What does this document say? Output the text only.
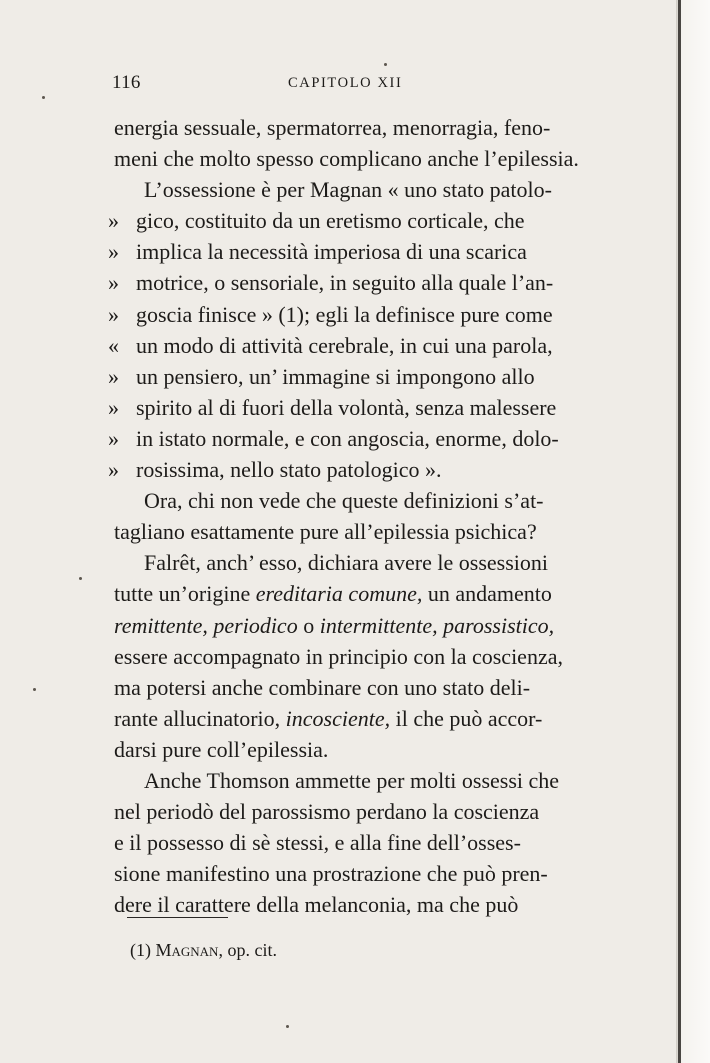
116	CAPITOLO XII

energia sessuale, spermatorrea, menorragia, feno-

meni che molto spesso complicano anche l’epilessia.

L’ossessione è per Magnan « uno stato patolo-

» gico, costituito da un eretismo corticale, che

» implica la necessità imperiosa di una scarica

» motrice, o sensoriale, in seguito alla quale l’an-

» goscia finisce » (1); egli la definisce pure come

« un modo di attività cerebrale, in cui una parola,

» un pensiero, un’ immagine si impongono allo

» spirito al di fuori della volontà, senza malessere

» in istato normale, e con angoscia, enorme, dolo-

» rosissima, nello stato patologico ».

Ora, chi non vede che queste definizioni s’at-

tagliano esattamente pure all’epilessia psichica?

Falrêt, anch’ esso, dichiara avere le ossessioni

tutte un’origine ereditaria comune, un andamento

remittente, periodico o intermittente, parossistico,

essere accompagnato in principio con la coscienza,

ma potersi anche combinare con uno stato deli-

rante allucinatorio, incosciente, il che può accor-

darsi pure coll’epilessia.

Anche Thomson ammette per molti ossessi che

nel periodò del parossismo perdano la coscienza

e il possesso di sè stessi, e alla fine dell’osses-

sione manifestino una prostrazione che può pren-

dere il carattere della melanconia, ma che può

(1) Magnan, op. cit.
